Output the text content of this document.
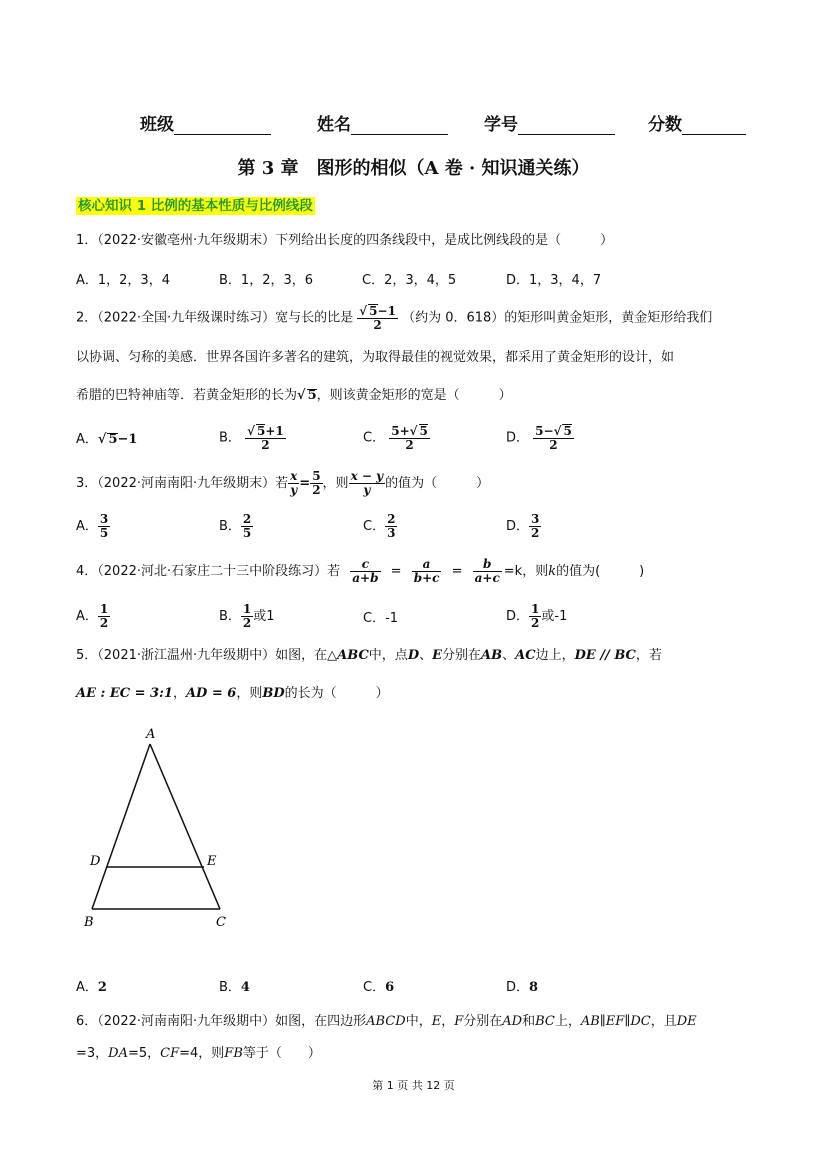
班级	姓名	学号	分数
第 3 章　图形的相似（A 卷 · 知识通关练）
核心知识 1 比例的基本性质与比例线段
1．（2022·安徽亳州·九年级期末）下列给出长度的四条线段中，是成比例线段的是（　　　）
A．1，2，3，4	B．1，2，3，6	C．2，3，4，5	D．1，3，4，7
2．（2022·全国·九年级课时练习）宽与长的比是 $\frac{√ 5-1}{2}$ （约为 0．618）的矩形叫黄金矩形，黄金矩形给我们
以协调、匀称的美感．世界各国许多著名的建筑，为取得最佳的视觉效果，都采用了黄金矩形的设计，如
希腊的巴特神庙等．若黄金矩形的长为√ 5，则该黄金矩形的宽是（　　　）
A．√ 5−1	B． $\frac{√ 5+1}{2}$	C． $\frac{5+√ 5}{2}$	D． $\frac{5-√ 5}{2}$
3．（2022·河南南阳·九年级期末）若 $\frac{x}{y} = \frac{5}{2}$ ，则 $\frac{x - y}{y}$ 的值为（　　　）
A． $\frac{3}{5}$	B． $\frac{2}{5}$	C． $\frac{2}{3}$	D． $\frac{3}{2}$
4．（2022·河北·石家庄二十三中阶段练习）若 $\frac{c}{a+b} = \frac{a}{b+c} = \frac{b}{a+c} =k$，则k的值为(　　　)
A． $\frac{1}{2}$	B． $\frac{1}{2}$ 或1	C．-1	D． $\frac{1}{2}$ 或-1
5．（2021·浙江温州·九年级期中）如图，在△ABC中，点D、E分别在AB、AC边上，DE // BC，若
AE : EC = 3:1，AD = 6，则BD的长为（　　　）
A
B	C
D	E
A．2	B．4	C．6	D．8
6．（2022·河南南阳·九年级期中）如图，在四边形ABCD中，E，F分别在AD和BC上，AB∥EF∥DC，且DE
=3，DA=5，CF=4，则FB等于（　　）
第 1 页 共 12 页
